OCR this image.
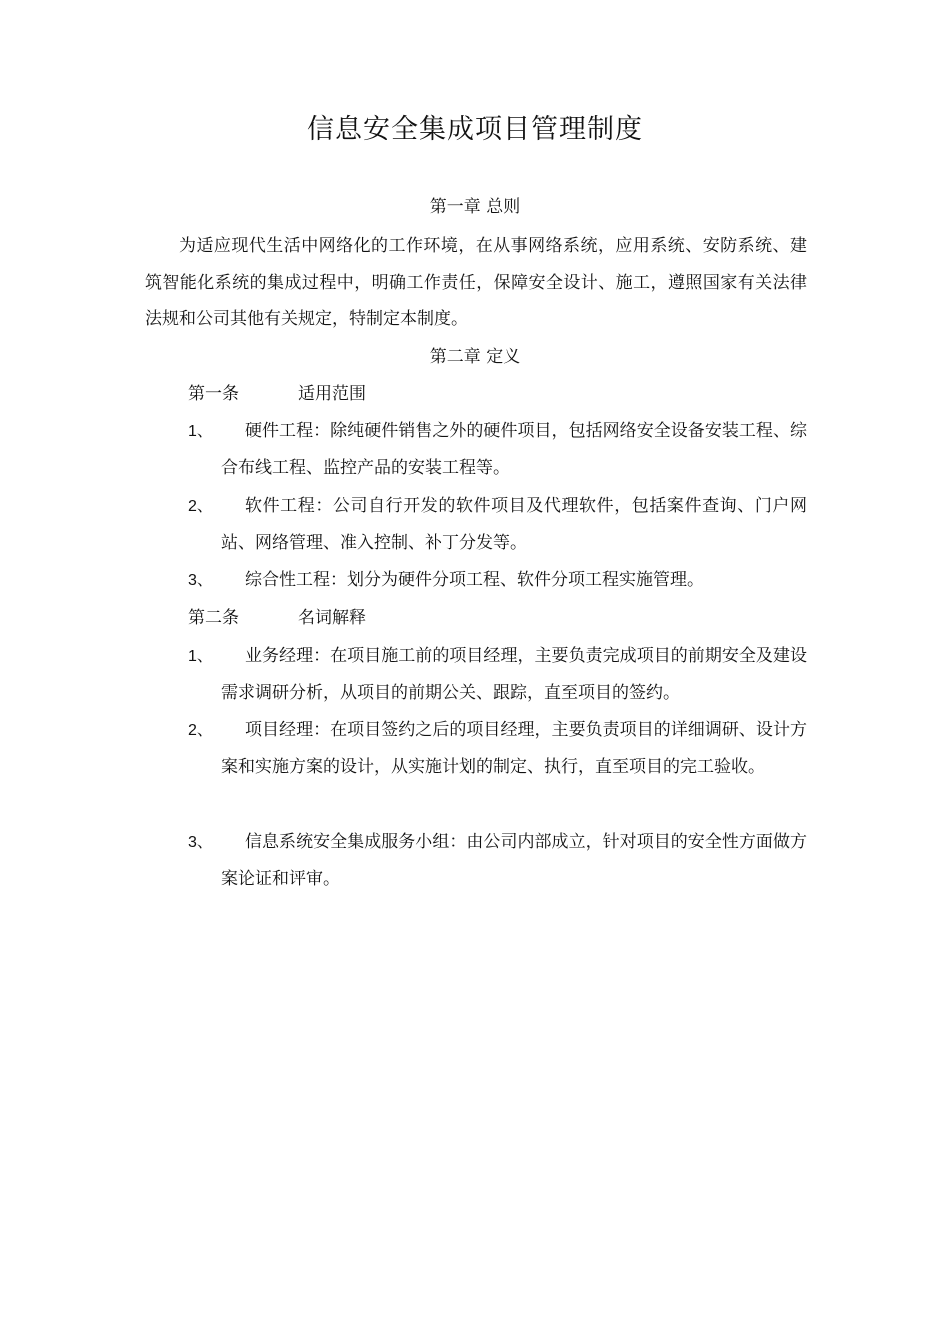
信息安全集成项目管理制度
第一章 总则
为适应现代生活中网络化的工作环境，在从事网络系统，应用系统、安防系统、建筑智能化系统的集成过程中，明确工作责任，保障安全设计、施工，遵照国家有关法律法规和公司其他有关规定，特制定本制度。
第二章 定义
第一条	适用范围
1、	硬件工程：除纯硬件销售之外的硬件项目，包括网络安全设备安装工程、综合布线工程、监控产品的安装工程等。
2、	软件工程：公司自行开发的软件项目及代理软件，包括案件查询、门户网站、网络管理、准入控制、补丁分发等。
3、	综合性工程：划分为硬件分项工程、软件分项工程实施管理。
第二条	名词解释
1、	业务经理：在项目施工前的项目经理，主要负责完成项目的前期安全及建设需求调研分析，从项目的前期公关、跟踪，直至项目的签约。
2、	项目经理：在项目签约之后的项目经理，主要负责项目的详细调研、设计方案和实施方案的设计，从实施计划的制定、执行，直至项目的完工验收。
3、	信息系统安全集成服务小组：由公司内部成立，针对项目的安全性方面做方案论证和评审。
